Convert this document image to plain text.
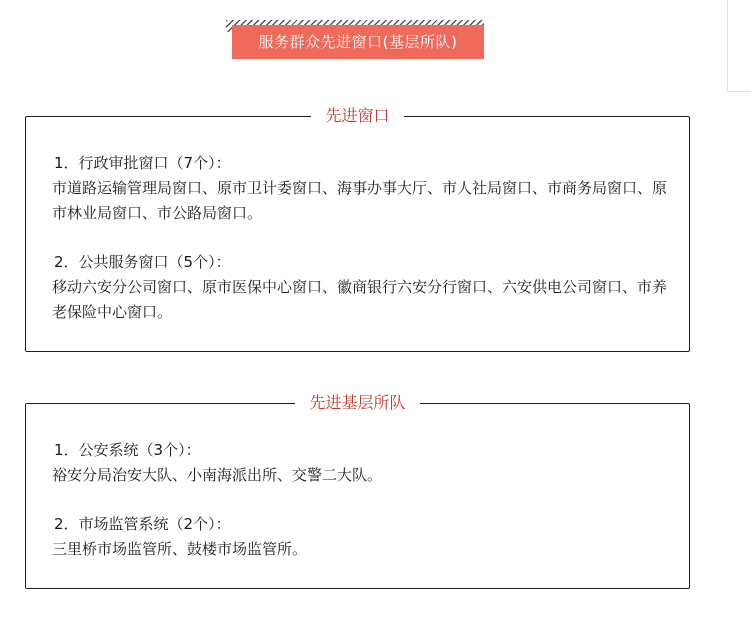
服务群众先进窗口(基层所队)
先进窗口

1．行政审批窗口（7个）：

市道路运输管理局窗口、原市卫计委窗口、海事办事大厅、市人社局窗口、市商务局窗口、原市林业局窗口、市公路局窗口。

2．公共服务窗口（5个）：

移动六安分公司窗口、原市医保中心窗口、徽商银行六安分行窗口、六安供电公司窗口、市养老保险中心窗口。

先进基层所队

1．公安系统（3个）：

裕安分局治安大队、小南海派出所、交警二大队。

2．市场监管系统（2个）：

三里桥市场监管所、鼓楼市场监管所。
